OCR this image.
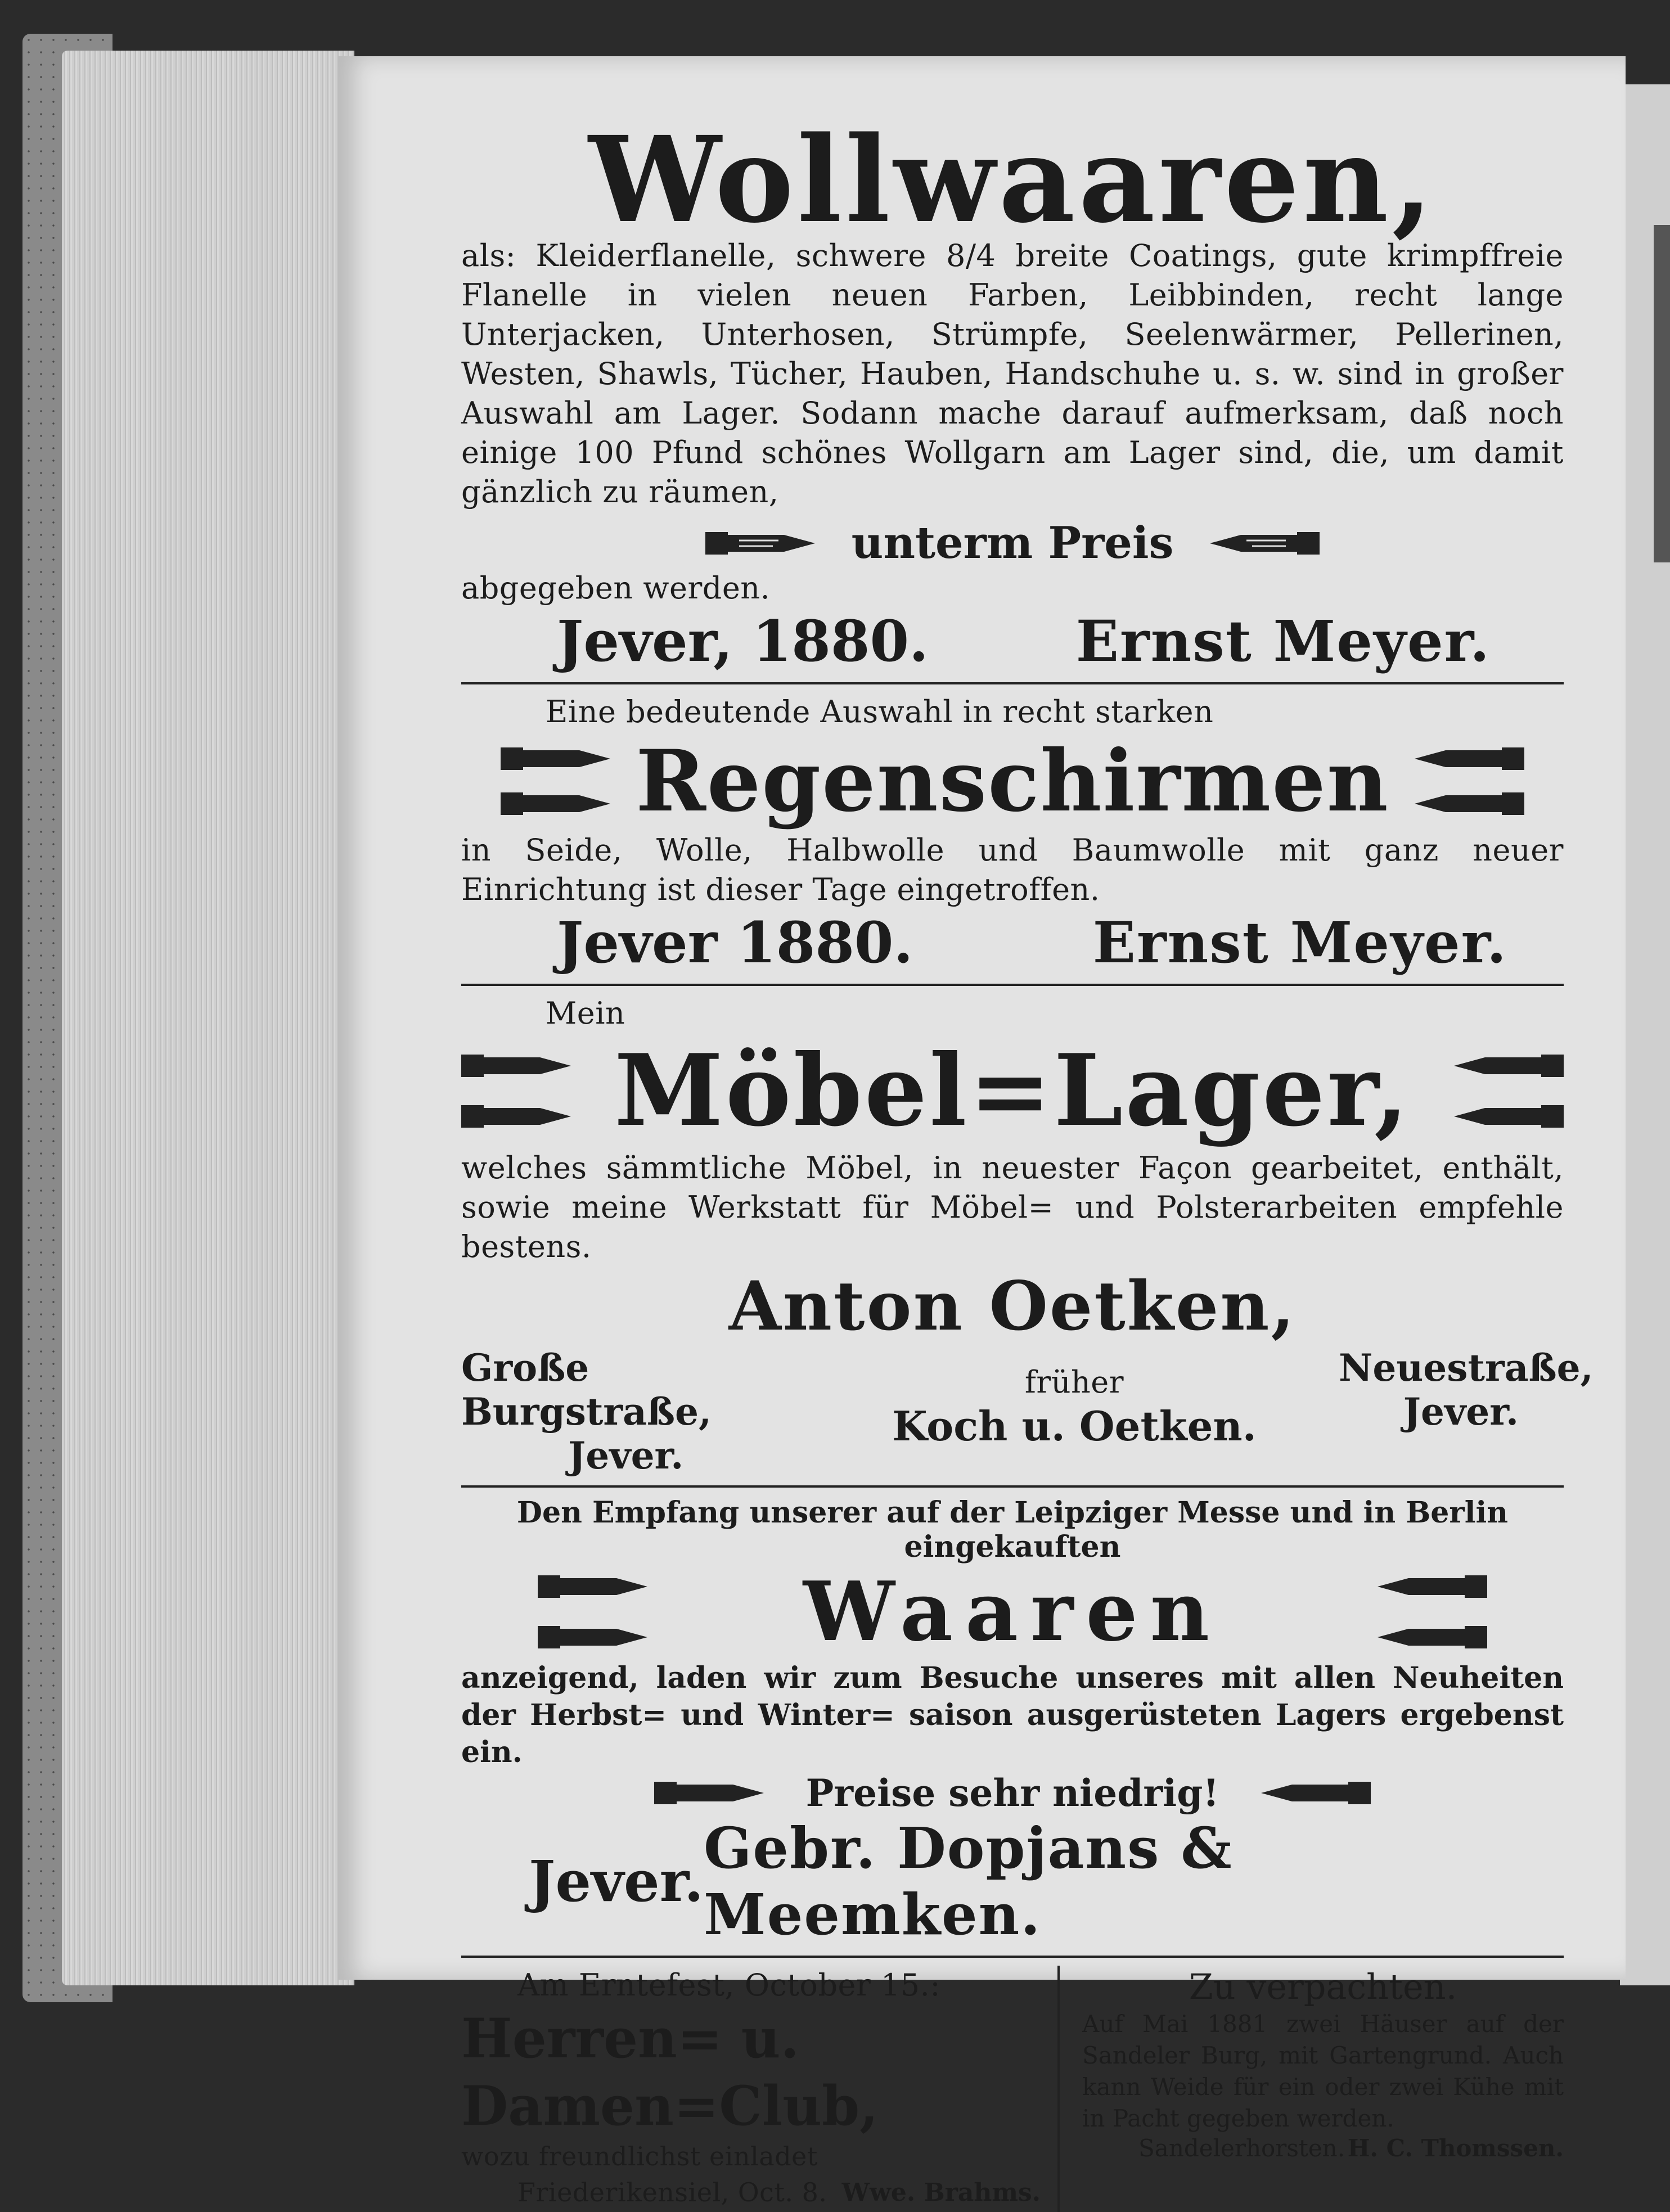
Wollwaaren,
als: Kleiderflanelle, schwere 8/4 breite Coatings, gute krimpffreie Flanelle in vielen neuen Farben, Leibbinden, recht lange Unterjacken, Unterhosen, Strümpfe, Seelenwärmer, Pellerinen, Westen, Shawls, Tücher, Hauben, Handschuhe u. s. w. sind in großer Auswahl am Lager. Sodann mache darauf aufmerksam, daß noch einige 100 Pfund schönes Wollgarn am Lager sind, die, um damit gänzlich zu räumen,
unterm Preis
abgegeben werden.
Jever, 1880.	Ernst Meyer.
Eine bedeutende Auswahl in recht starken
Regenschirmen
in Seide, Wolle, Halbwolle und Baumwolle mit ganz neuer Einrichtung ist dieser Tage eingetroffen.
Jever 1880.	Ernst Meyer.
Mein
Möbel=Lager,
welches sämmtliche Möbel, in neuester Façon gearbeitet, enthält, sowie meine Werkstatt für Möbel= und Polsterarbeiten empfehle bestens.
Anton Oetken,
Große Burgstraße,
Jever.
früher
Koch u. Oetken.
Neuestraße,
Jever.
Den Empfang unserer auf der Leipziger Messe und in Berlin eingekauften
Waaren
anzeigend, laden wir zum Besuche unseres mit allen Neuheiten der Herbst= und Winter= saison ausgerüsteten Lagers ergebenst ein.
Preise sehr niedrig!
Jever. Gebr. Dopjans & Meemken.
Am Erntefest, October 15.:
Herren= u. Damen=Club,
wozu freundlichst einladet
Friederikensiel, Oct. 8. Wwe. Brahms.
Zu verpachten.
Auf Mai 1881 zwei Häuser auf der Sandeler Burg, mit Gartengrund. Auch kann Weide für ein oder zwei Kühe mit in Pacht gegeben werden.
Sandelerhorsten. H. C. Thomssen.
